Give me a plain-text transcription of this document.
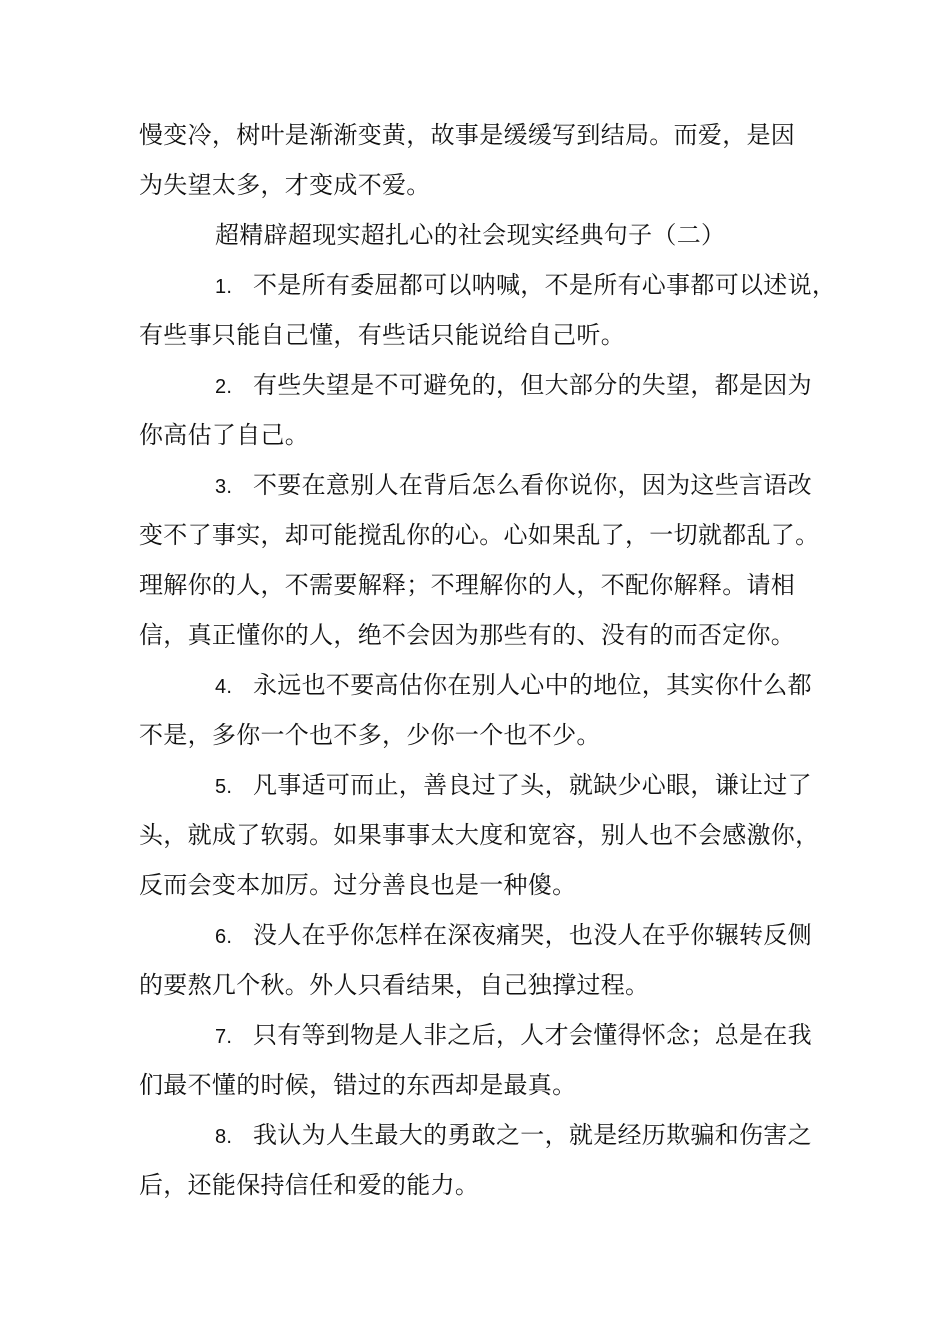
慢变冷，树叶是渐渐变黄，故事是缓缓写到结局。而爱，是因
为失望太多，才变成不爱。
超精辟超现实超扎心的社会现实经典句子（二）
1. 不是所有委屈都可以呐喊，不是所有心事都可以述说，
有些事只能自己懂，有些话只能说给自己听。
2. 有些失望是不可避免的，但大部分的失望，都是因为
你高估了自己。
3. 不要在意别人在背后怎么看你说你，因为这些言语改
变不了事实，却可能搅乱你的心。心如果乱了，一切就都乱了。
理解你的人，不需要解释；不理解你的人，不配你解释。请相
信，真正懂你的人，绝不会因为那些有的、没有的而否定你。
4. 永远也不要高估你在别人心中的地位，其实你什么都
不是，多你一个也不多，少你一个也不少。
5. 凡事适可而止，善良过了头，就缺少心眼，谦让过了
头，就成了软弱。如果事事太大度和宽容，别人也不会感激你，
反而会变本加厉。过分善良也是一种傻。
6. 没人在乎你怎样在深夜痛哭，也没人在乎你辗转反侧
的要熬几个秋。外人只看结果，自己独撑过程。
7. 只有等到物是人非之后，人才会懂得怀念；总是在我
们最不懂的时候，错过的东西却是最真。
8. 我认为人生最大的勇敢之一，就是经历欺骗和伤害之
后，还能保持信任和爱的能力。
